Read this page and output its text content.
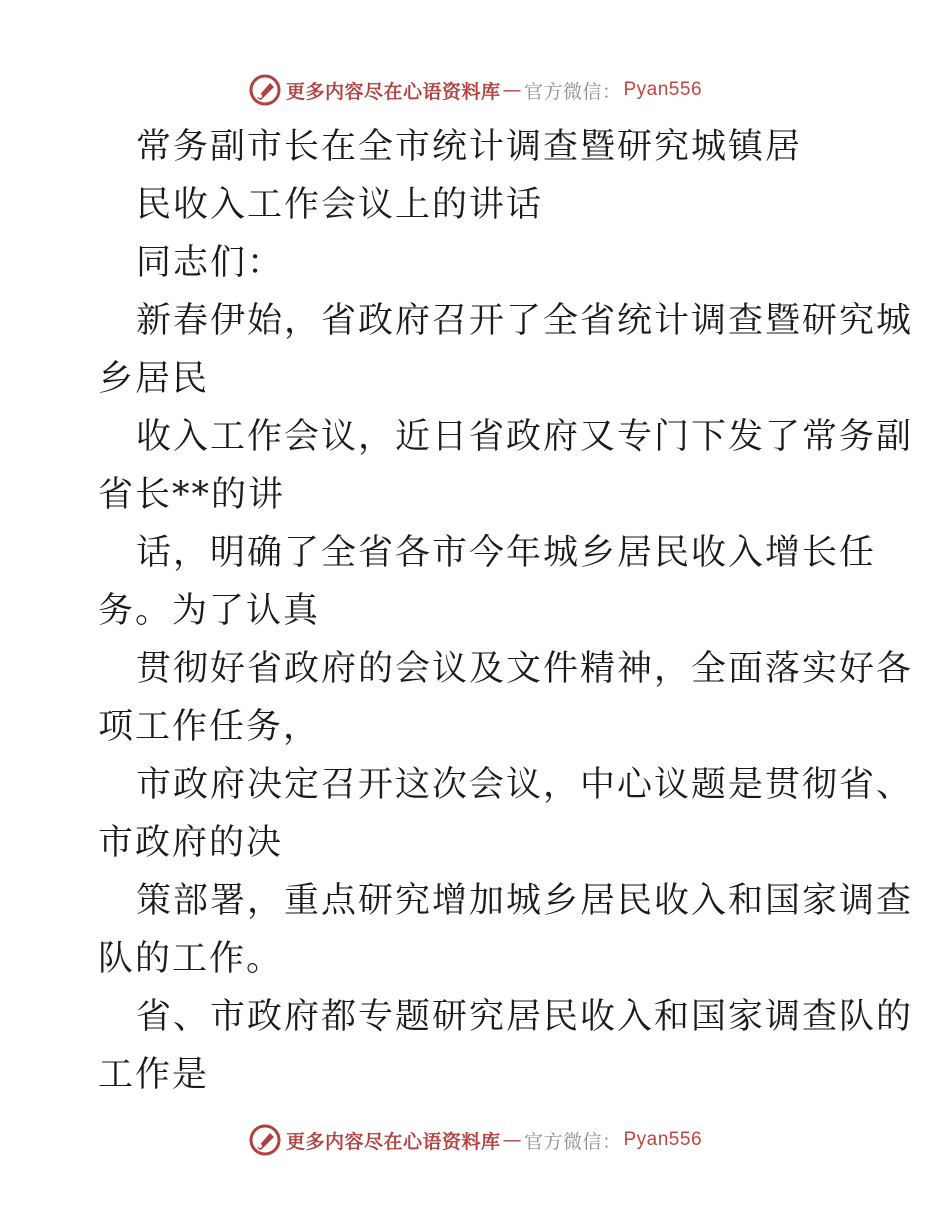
更多内容尽在心语资料库 — 官方微信： Pyan556
常务副市长在全市统计调查暨研究城镇居
民收入工作会议上的讲话
同志们：
新春伊始，省政府召开了全省统计调查暨研究城
乡居民
收入工作会议，近日省政府又专门下发了常务副
省长**的讲
话，明确了全省各市今年城乡居民收入增长任
务。为了认真
贯彻好省政府的会议及文件精神，全面落实好各
项工作任务，
市政府决定召开这次会议，中心议题是贯彻省、
市政府的决
策部署，重点研究增加城乡居民收入和国家调查
队的工作。
省、市政府都专题研究居民收入和国家调查队的
工作是
更多内容尽在心语资料库 — 官方微信： Pyan556
